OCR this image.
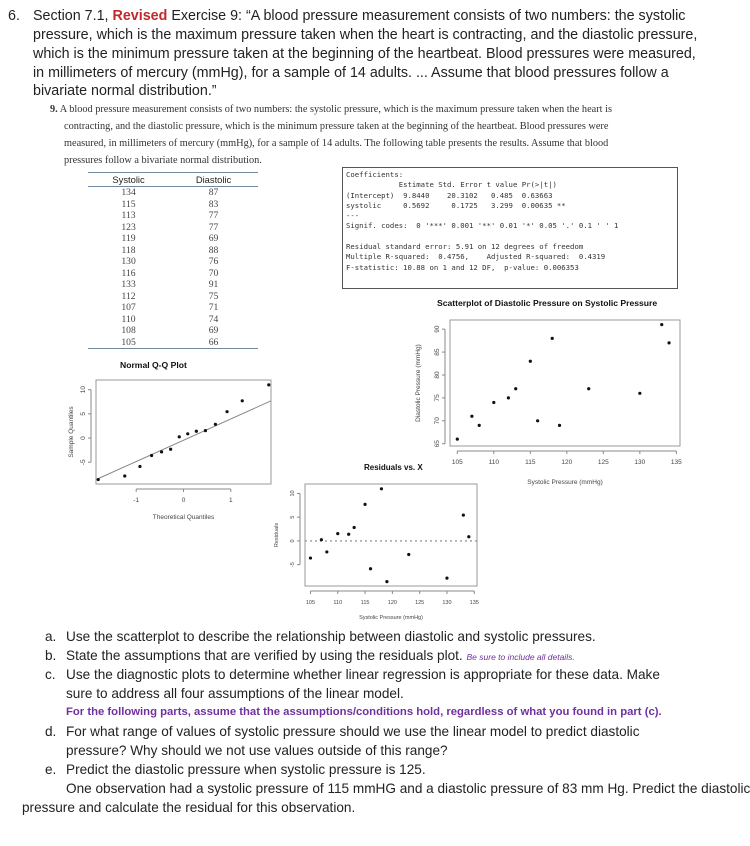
6. Section 7.1, Revised Exercise 9: “A blood pressure measurement consists of two numbers: the systolic
pressure, which is the maximum pressure taken when the heart is contracting, and the diastolic pressure,
which is the minimum pressure taken at the beginning of the heartbeat. Blood pressures were measured,
in millimeters of mercury (mmHg), for a sample of 14 adults. ... Assume that blood pressures follow a
bivariate normal distribution.”
9. A blood pressure measurement consists of two numbers: the systolic pressure, which is the maximum pressure taken when the heart is
contracting, and the diastolic pressure, which is the minimum pressure taken at the beginning of the heartbeat. Blood pressures were
measured, in millimeters of mercury (mmHg), for a sample of 14 adults. The following table presents the results. Assume that blood
pressures follow a bivariate normal distribution.
Systolic	Diastolic
134	87
115	83
113	77
123	77
119	69
118	88
130	76
116	70
133	91
112	75
107	71
110	74
108	69
105	66
Coefficients:
Estimate Std. Error t value Pr(>|t|)
(Intercept)  9.8440    20.3102   0.485  0.63663
systolic     0.5692     0.1725   3.299  0.00635 **
---
Signif. codes:  0 '***' 0.001 '**' 0.01 '*' 0.05 '.' 0.1 ' ' 1
Residual standard error: 5.91 on 12 degrees of freedom
Multiple R-squared:  0.4756,    Adjusted R-squared:  0.4319
F-statistic: 10.88 on 1 and 12 DF,  p-value: 0.006353
Normal Q-Q Plot
-1	0	1
-5
0
5
10
Theoretical Quantiles
Sample Quantiles
Scatterplot of Diastolic Pressure on Systolic Pressure
105	110	115	120	125	130	135
65
70
75
80
85
90
Systolic Pressure (mmHg)
Diastolic Pressure (mmHg)
Residuals vs. X
105	110	115	120	125	130	135
-5
0
5
10
Systolic Pressure (mmHg)
Residuals
a. Use the scatterplot to describe the relationship between diastolic and systolic pressures.
b. State the assumptions that are verified by using the residuals plot. Be sure to include all details.
c. Use the diagnostic plots to determine whether linear regression is appropriate for these data. Make
sure to address all four assumptions of the linear model.
d. For what range of values of systolic pressure should we use the linear model to predict diastolic
pressure? Why should we not use values outside of this range?
e. Predict the diastolic pressure when systolic pressure is 125.
For the following parts, assume that the assumptions/conditions hold, regardless of what you found in part (c).
One observation had a systolic pressure of 115 mmHG and a diastolic pressure of 83 mm Hg. Predict the diastolic
pressure and calculate the residual for this observation.
